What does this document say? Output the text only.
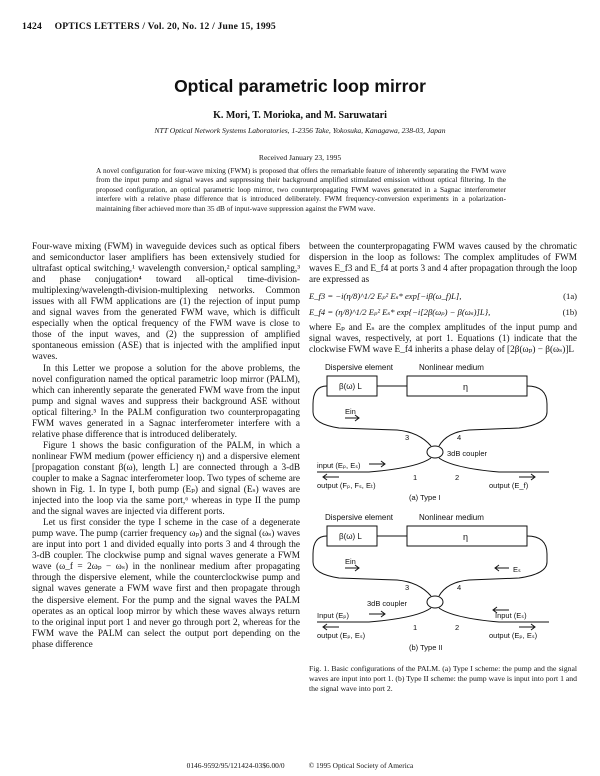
1424 OPTICS LETTERS / Vol. 20, No. 12 / June 15, 1995
Optical parametric loop mirror
K. Mori, T. Morioka, and M. Saruwatari
NTT Optical Network Systems Laboratories, 1-2356 Take, Yokosuka, Kanagawa, 238-03, Japan
Received January 23, 1995
A novel configuration for four-wave mixing (FWM) is proposed that offers the remarkable feature of inherently separating the FWM wave from the input pump and signal waves and suppressing their background amplified stimulated emission without optical filtering. In the proposed configuration, an optical parametric loop mirror, two counterpropagating FWM waves generated in a Sagnac interferometer interfere with a relative phase difference that is introduced deliberately. FWM frequency-conversion experiments in a polarization-maintaining fiber achieved more than 35 dB of input-wave suppression against the FWM wave.

Four-wave mixing (FWM) in waveguide devices such as optical fibers and semiconductor laser amplifiers has been extensively studied for ultrafast optical switching,¹ wavelength conversion,² optical sampling,³ and phase conjugation⁴ toward all-optical time-division-multiplexing/wavelength-division-multiplexing networks. Common issues with all FWM applications are (1) the rejection of input pump and signal waves from the generated FWM wave, which is difficult especially when the optical frequency of the FWM wave is close to those of the input waves, and (2) the suppression of amplified spontaneous emission (ASE) that is injected with the amplified input waves.

In this Letter we propose a solution for the above problems, the novel configuration named the optical parametric loop mirror (PALM), which can inherently separate the generated FWM wave from the input pump and signal waves and suppress their background ASE without optical filtering.⁵ In the PALM configuration two counterpropagating FWM waves generated in a Sagnac interferometer interfere with a relative phase difference that is introduced deliberately.

Figure 1 shows the basic configuration of the PALM, in which a nonlinear FWM medium (power efficiency η) and a dispersive element [propagation constant β(ω), length L] are connected through a 3-dB coupler to make a Sagnac interferometer loop. Two types of scheme are shown in Fig. 1. In type I, both pump (Eₚ) and signal (Eₛ) waves are injected into the loop via the same port,⁶ whereas in type II the pump and the signal waves are injected via different ports.

Let us first consider the type I scheme in the case of a degenerate pump wave. The pump (carrier frequency ωₚ) and the signal (ωₛ) waves are input into port 1 and divided equally into ports 3 and 4 through the 3-dB coupler. The clockwise pump and signal waves generate a FWM wave (ω_f = 2ωₚ − ωₛ) in the nonlinear medium after propagating through the dispersive element, while the counterclockwise pump and signal waves generate a FWM wave first and then propagate through the dispersive element. For the pump and the signal waves the PALM operates as an optical loop mirror by which these waves always return to the original input port 1 and never go through port 2, whereas for the FWM wave the PALM can select the output port depending on the phase difference

between the counterpropagating FWM waves caused by the chromatic dispersion in the loop as follows: The complex amplitudes of FWM waves E_f3 and E_f4 at ports 3 and 4 after propagation through the loop are expressed as

E_f3 = −i(η/8)^1/2 Eₚ² Eₛ* exp[−iβ(ω_f)L],	(1a)
E_f4 = (η/8)^1/2 Eₚ² Eₛ* exp{−i[2β(ωₚ) − β(ωₛ)]L},	(1b)

where Eₚ and Eₛ are the complex amplitudes of the input pump and signal waves, respectively, at port 1. Equations (1) indicate that the clockwise FWM wave E_f4 inherits a phase delay of [2β(ωₚ) − β(ωₛ)]L

Dispersive element	Nonlinear medium
β(ω) L	η
Ein
3	4
3dB coupler
input (Eₚ, Eₛ)
1	2
output (Fₚ, Fₛ, Eₜ)	output (E_f)
(a) Type I
Dispersive element	Nonlinear medium
β(ω) L	η
Ein
Eₛ
3	4
3dB coupler
Input (Eₚ)	Input (Eₛ)
1	2
output (Eₚ, Eₛ)	output (Eₚ, Eₛ)
(b) Type II
Fig. 1. Basic configurations of the PALM. (a) Type I scheme: the pump and the signal waves are input into port 1. (b) Type II scheme: the pump wave is input into port 1 and the signal wave into port 2.
0146-9592/95/121424-03$6.00/0	© 1995 Optical Society of America
